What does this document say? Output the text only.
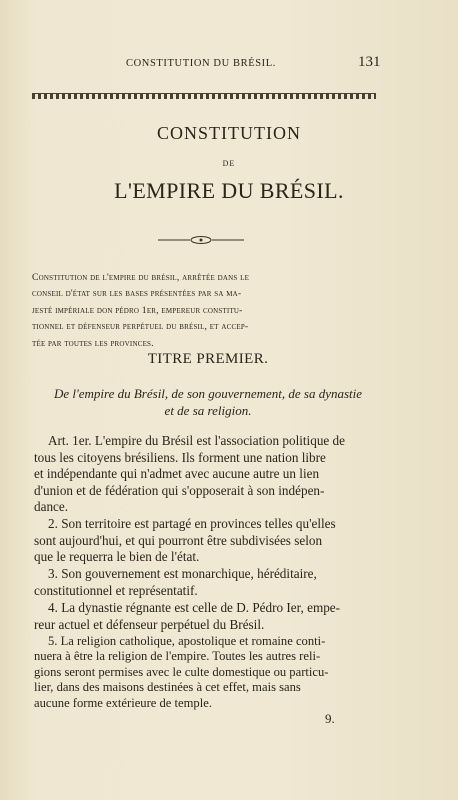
CONSTITUTION DU BRÉSIL.	131
CONSTITUTION
DE
L'EMPIRE DU BRÉSIL.
Constitution de l'empire du brésil, arrêtée dans le
conseil d'état sur les bases présentées par sa ma-
jesté impériale don pédro 1er, empereur constitu-
tionnel et défenseur perpétuel du brésil, et accep-
tée par toutes les provinces.
TITRE PREMIER.
De l'empire du Brésil, de son gouvernement, de sa dynastie
et de sa religion.
Art. 1er. L'empire du Brésil est l'association politique de
tous les citoyens brésiliens. Ils forment une nation libre
et indépendante qui n'admet avec aucune autre un lien
d'union et de fédération qui s'opposerait à son indépen-
dance.
2. Son territoire est partagé en provinces telles qu'elles
sont aujourd'hui, et qui pourront être subdivisées selon
que le requerra le bien de l'état.
3. Son gouvernement est monarchique, héréditaire,
constitutionnel et représentatif.
4. La dynastie régnante est celle de D. Pédro Ier, empe-
reur actuel et défenseur perpétuel du Brésil.
5. La religion catholique, apostolique et romaine conti-
nuera à être la religion de l'empire. Toutes les autres reli-
gions seront permises avec le culte domestique ou particu-
lier, dans des maisons destinées à cet effet, mais sans
aucune forme extérieure de temple.
9.
